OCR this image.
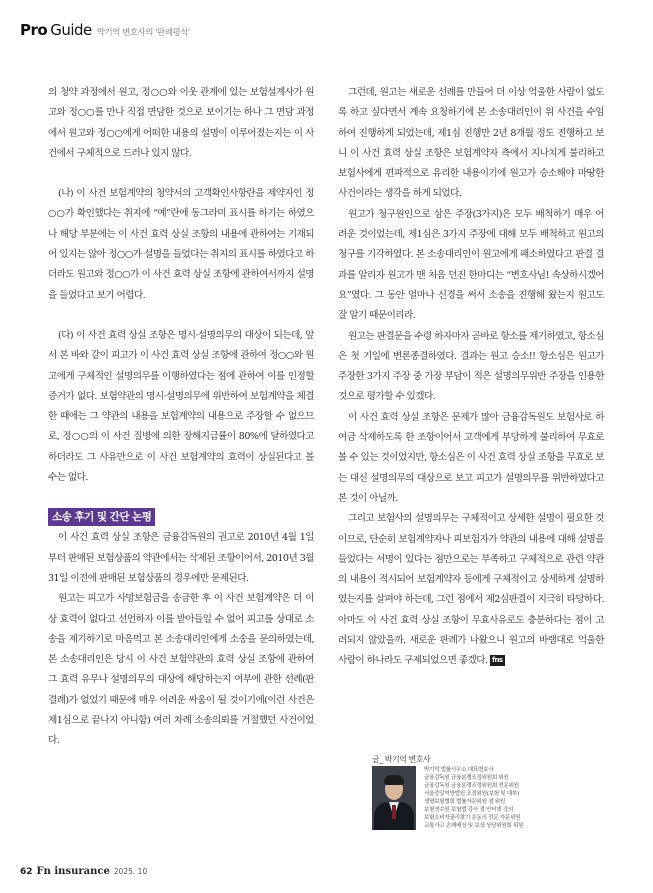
Pro Guide 박기억 변호사의 '판례평석'

의 청약 과정에서 원고, 정○○와 이웃 관계에 있는 보험설계사가 원고와 정○○를 만나 직접 면담한 것으로 보이기는 하나 그 면담 과정에서 원고와 정○○에게 어떠한 내용의 설명이 이루어졌는지는 이 사건에서 구체적으로 드러나 있지 않다.

(나) 이 사건 보험계약의 청약서의 고객확인사항란을 제약자인 정○○가 확인했다는 취지에 “예”란에 동그라미 표시를 하기는 하였으나 해당 부분에는 이 사건 효력 상실 조항의 내용에 관하여는 기재되어 있지는 않아 정○○가 설명을 들었다는 취지의 표시를 하였다고 하더라도 원고와 정○○가 이 사건 효력 상실 조항에 관하여서까지 설명을 들었다고 보기 어렵다.

(다) 이 사건 효력 상실 조항은 명시·설명의무의 대상이 되는데, 앞서 본 바와 같이 피고가 이 사건 효력 상실 조항에 관하여 정○○와 원고에게 구체적인 설명의무를 이행하였다는 점에 관하여 이를 인정할 증거가 없다. 보험약관의 명시·설명의무에 위반하여 보험계약을 체결한 때에는 그 약관의 내용을 보험계약의 내용으로 주장할 수 없으므로, 정○○의 이 사건 질병에 의한 장해지급률이 80%에 달하였다고 하더라도 그 사유만으로 이 사건 보험계약의 효력이 상실된다고 볼 수는 없다.

소송 후기 및 간단 논평

이 사건 효력 상실 조항은 금융감독원의 권고로 2010년 4월 1일부터 판매된 보험상품의 약관에서는 삭제된 조항이어서, 2010년 3월 31일 이전에 판매된 보험상품의 경우에만 문제된다.

원고는 피고가 사망보험금을 송금한 후 이 사건 보험계약은 더 이상 효력이 없다고 선언하자 이를 받아들일 수 없어 피고를 상대로 소송을 제기하기로 마음먹고 본 소송대리인에게 소송을 문의하였는데, 본 소송대리인은 당시 이 사건 보험약관의 효력 상실 조항에 관하여 그 효력 유무나 설명의무의 대상에 해당하는지 여부에 관한 선례(판결례)가 없었기 때문에 매우 어려운 싸움이 될 것이기에(이런 사건은 제1심으로 끝나지 아니함) 여러 차례 소송의뢰를 거절했던 사건이었다.

그런데, 원고는 새로운 선례를 만들어 더 이상 억울한 사람이 없도록 하고 싶다면서 계속 요청하기에 본 소송대리인이 위 사건을 수임하여 진행하게 되었는데, 제1심 진행만 2년 8개월 정도 진행하고 보니 이 사건 효력 상실 조항은 보험계약자 측에서 지나치게 불리하고 보험사에게 편파적으로 유리한 내용이기에 원고가 승소해야 마땅한 사건이라는 생각을 하게 되었다.

원고가 청구원인으로 삼은 주장(3가지)은 모두 배척하기 매우 어려운 것이었는데, 제1심은 3가지 주장에 대해 모두 배척하고 원고의 청구를 기각하였다. 본 소송대리인이 원고에게 패소하였다고 판결 결과를 알리자 원고가 맨 처음 던진 한마디는 “변호사님! 속상하시겠어요”였다. 그 동안 얼마나 신경을 써서 소송을 진행해 왔는지 원고도 잘 알기 때문이리라.

원고는 판결문을 수령 하자마자 곧바로 항소를 제기하였고, 항소심은 첫 기일에 변론종결하였다. 결과는 원고 승소!! 항소심은 원고가 주장한 3가지 주장 중 가장 부담이 적은 설명의무위반 주장을 인용한 것으로 평가할 수 있겠다.

이 사건 효력 상실 조항은 문제가 많아 금융감독원도 보험사로 하여금 삭제하도록 한 조항이어서 고객에게 부당하게 불리하여 무효로 볼 수 있는 것이었지만, 항소심은 이 사건 효력 상실 조항을 무효로 보는 대신 설명의무의 대상으로 보고 피고가 설명의무를 위반하였다고 본 것이 아닐까.

그리고 보험사의 설명의무는 구체적이고 상세한 설명이 필요한 것이므로, 단순히 보험계약자나 피보험자가 약관의 내용에 대해 설명을 들었다는 서명이 있다는 점만으로는 부족하고 구체적으로 관련 약관의 내용이 적시되어 보험계약자 등에게 구체적이고 상세하게 설명하였는지를 살펴야 하는데, 그런 점에서 제2심판결이 지극히 타당하다. 아마도 이 사건 효력 상실 조항이 무효사유로도 충분하다는 점이 고려되지 않았을까. 새로운 판례가 나왔으니 원고의 바램대로 억울한 사람이 하나라도 구제되었으면 좋겠다. fns

글_ 박기억 변호사
박기억 법률사무소 대표변호사
금융감독원 금융분쟁조정위원회 위원
금융감독원 금융분쟁조정위원회 전문위원
서울중앙지방법원 조정위원(보험 및 대부)
생명보험협회 법률자문위원 겸 위원
보험연수원 보험법 강사 겸 인터넷 강의
보험소비자권리찾기 운동의 전문 자문위원
교통사고 손해배상 및 보상 상담위원회 위원
62 Fn insurance 2025. 10
